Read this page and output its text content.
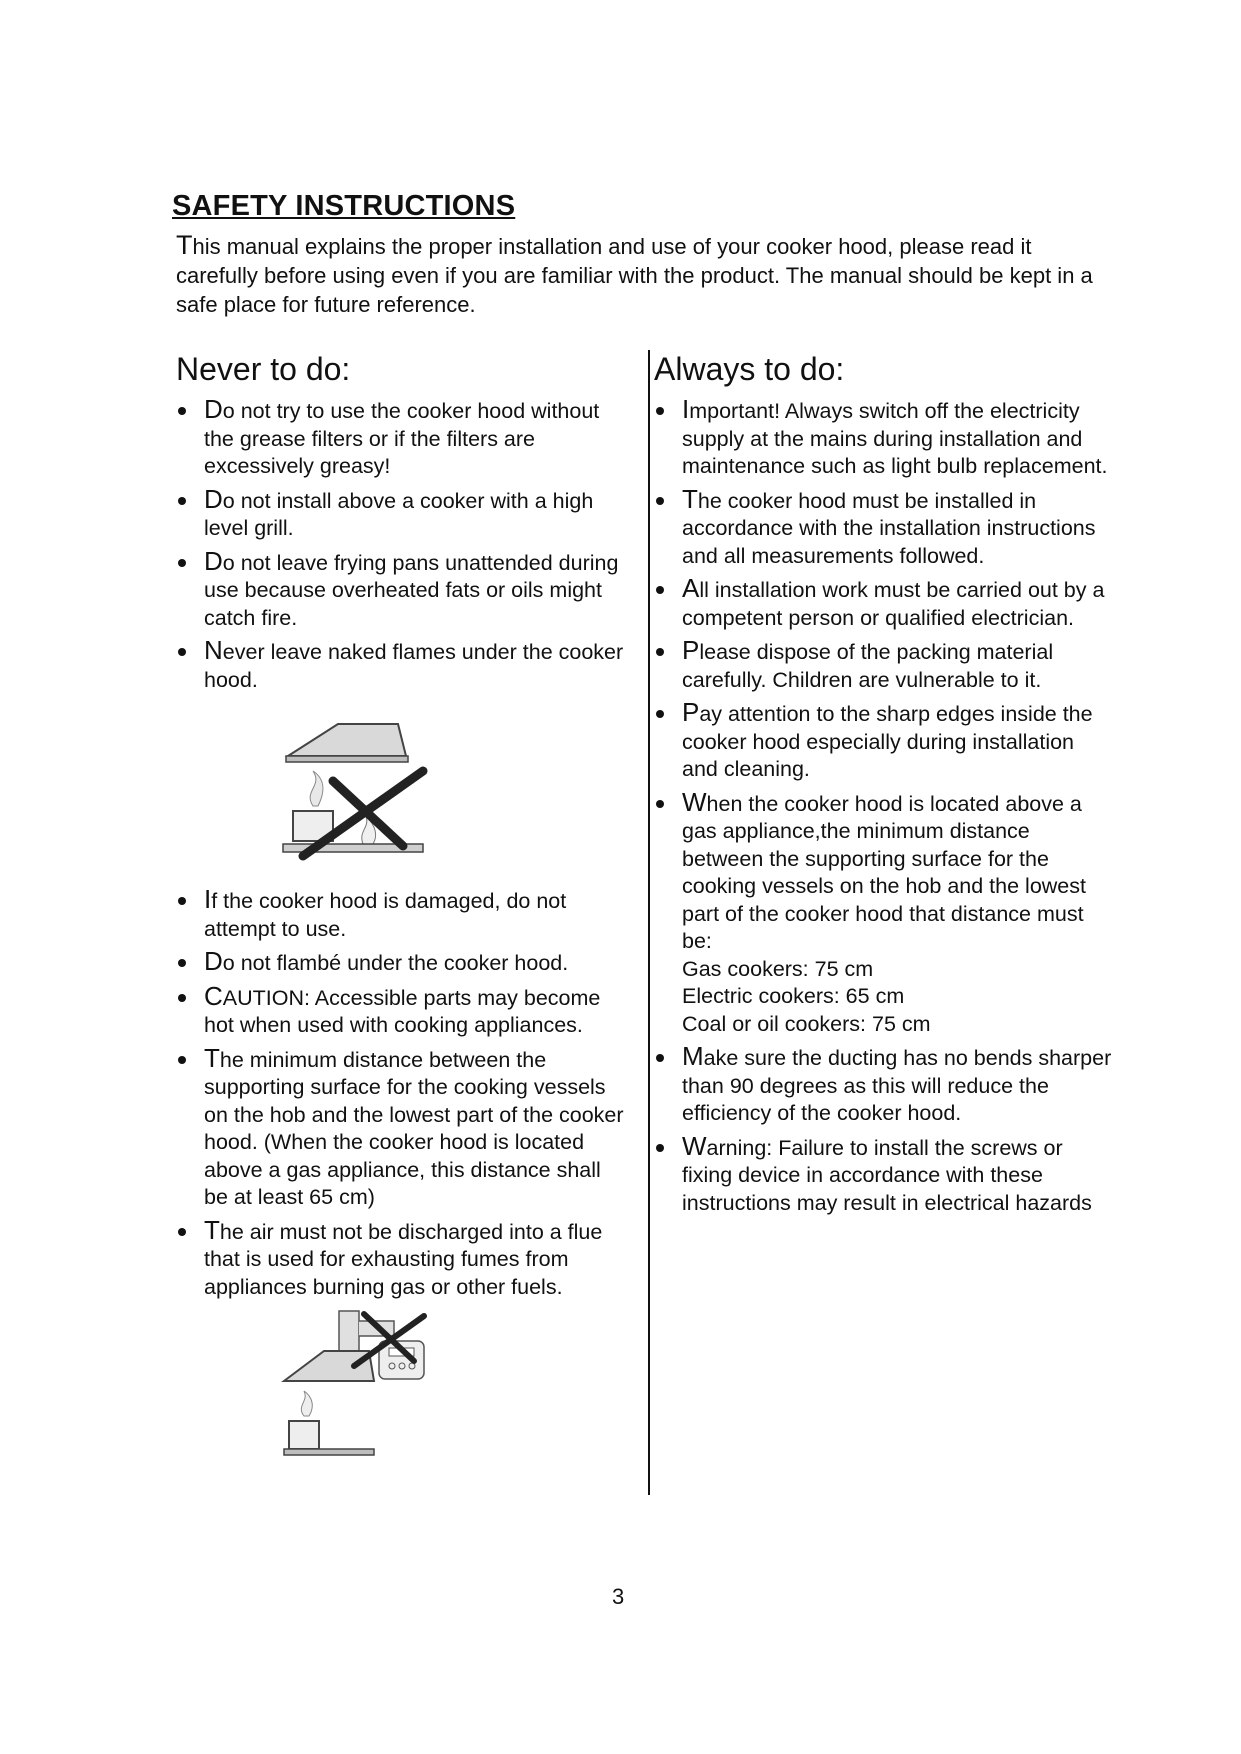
SAFETY INSTRUCTIONS
This manual explains the proper installation and use of your cooker hood, please read it carefully before using even if you are familiar with the product. The manual should be kept in a safe place for future reference.
Never to do:
Do not try to use the cooker hood without the grease filters or if the filters are excessively greasy!
Do not install above a cooker with a high level grill.
Do not leave frying pans unattended during use because overheated fats or oils might catch fire.
Never leave naked flames under the cooker hood.
If the cooker hood is damaged, do not attempt to use.
Do not flambé under the cooker hood.
CAUTION: Accessible parts may become hot when used with cooking appliances.
The minimum distance between the supporting surface for the cooking vessels on the hob and the lowest part of the cooker hood. (When the cooker hood is located above a gas appliance, this distance shall be at least 65 cm)
The air must not be discharged into a flue that is used for exhausting fumes from appliances burning gas or other fuels.
Always to do:
Important! Always switch off the electricity supply at the mains during installation and maintenance such as light bulb replacement.
The cooker hood must be installed in accordance with the installation instructions and all measurements followed.
All installation work must be carried out by a competent person or qualified electrician.
Please dispose of the packing material carefully. Children are vulnerable to it.
Pay attention to the sharp edges inside the cooker hood especially during installation and cleaning.
When the cooker hood is located above a gas appliance,the minimum distance between the supporting surface for the cooking vessels on the hob and the lowest part of the cooker hood that distance must be:
Gas cookers: 75 cm
Electric cookers: 65 cm
Coal or oil cookers: 75 cm
Make sure the ducting has no bends sharper than 90 degrees as this will reduce the efficiency of the cooker hood.
Warning: Failure to install the screws or fixing device in accordance with these instructions may result in electrical hazards
3
